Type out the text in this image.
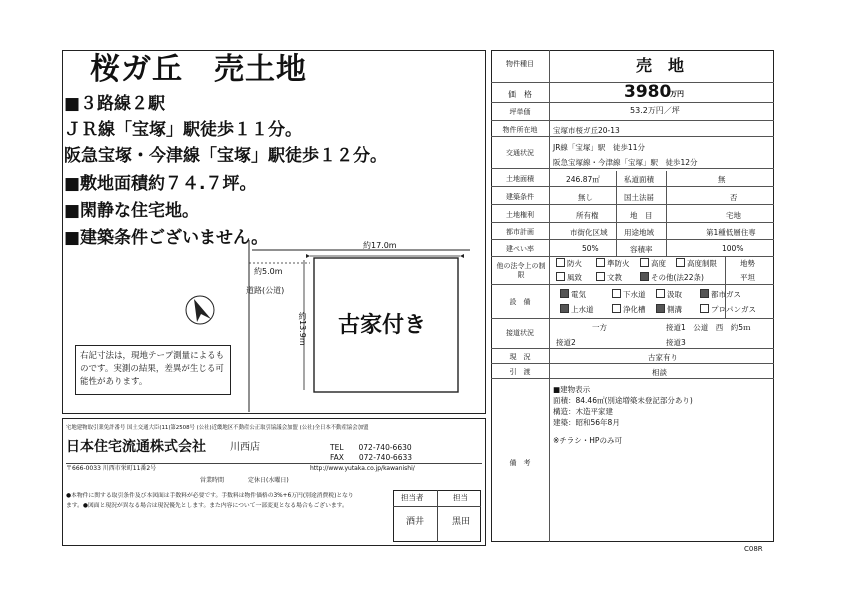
桜ガ丘　売土地
■３路線２駅
ＪＲ線「宝塚」駅徒歩１１分。
阪急宝塚・今津線「宝塚」駅徒歩１２分。
■敷地面積約７４.７坪。
■閑静な住宅地。
■建築条件ございません。	約17.0m
約5.0m
道路(公道)
約13.9m 古家付き
右記寸法は，現地テープ測量によるものです。実測の結果，差異が生じる可能性があります。
宅地建物取引業免許番号 国土交通大臣(11)第2508号 (公社)近畿地区不動産公正取引協議会加盟 (公社)全日本不動産協会加盟
日本住宅流通株式会社 川西店	TEL　　072-740-6630
FAX　　072-740-6633
〒666-0033 川西市栄町11番2号	http://www.yutaka.co.jp/kawanishi/
営業時間　　　　定休日(水曜日)
●本物件に関する取引条件及び本図面は手数料が必要です。手数料は物件価格の3%+6万円(別途消費税)となります。●図面と現況が異なる場合は現況優先とします。また内容について一部変更となる場合もございます。
担当者	担当
酒井	黒田
物件種目	売　地
価　格	3980
万円
坪単価	53.2万円／坪
物件所在地	宝塚市桜ガ丘20-13
交通状況
JR線「宝塚」駅　徒歩11分
阪急宝塚線・今津線「宝塚」駅　徒歩12分
土地面積	246.87㎡	私道面積	無
建築条件	無し	国土法届	否
土地権利	所有権	地　目	宅地
都市計画	市街化区域 用途地域	第1種低層住専
建ぺい率	50%	容積率	100%
他の法令上の制限
防火	準防火	高度	高度制限
風致	文教	その他(法22条)
地勢
平坦
設　備
電気	下水道	汲取	都市ガス
上水道	浄化槽	側溝	プロパンガス
接道状況
一方	接道1　公道　西　約5ｍ
接道2	接道3
現　況	古家有り
引　渡	相談
備　考
■建物表示
面積：84.46㎡(別途増築未登記部分あり)
構造：木造平家建
建築：昭和56年8月
※チラシ・HPのみ可
C08R
